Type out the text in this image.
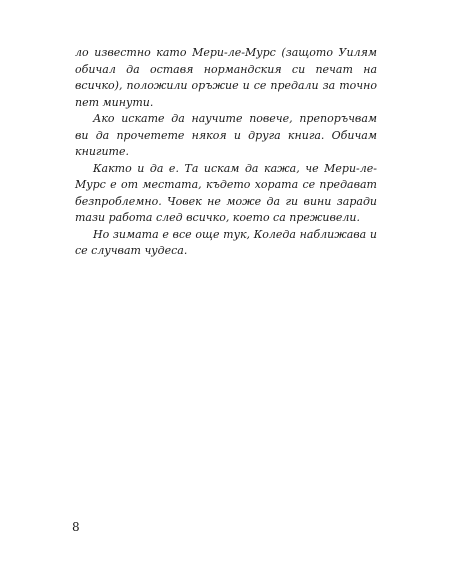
ло известно като Мери-ле-Мурс (защото Уилям обичал да оставя нормандския си печат на всичко), положили оръжие и се предали за точно пет минути.

Ако искате да научите повече, препоръчвам ви да прочетете някоя и друга книга. Обичам книгите.

Както и да е. Та искам да кажа, че Мери-ле-Мурс е от местата, където хората се предават безпроблемно. Човек не може да ги вини заради тази работа след всичко, което са преживели.

Но зимата е все още тук, Коледа наближава и се случват чудеса.

8
